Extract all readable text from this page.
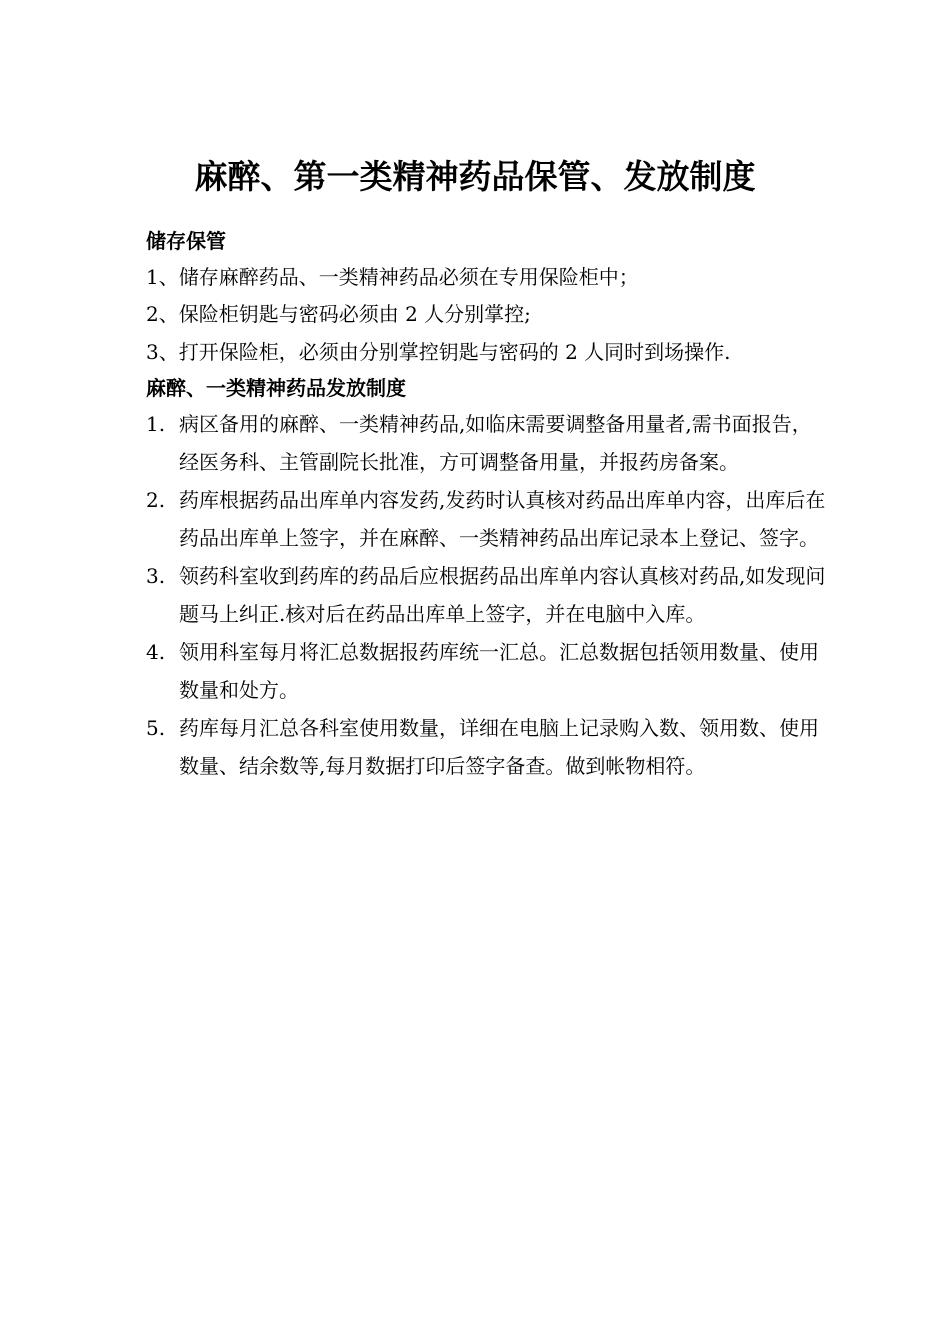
麻醉、第一类精神药品保管、发放制度
储存保管

1、储存麻醉药品、一类精神药品必须在专用保险柜中；

2、保险柜钥匙与密码必须由 2 人分别掌控;

3、打开保险柜，必须由分别掌控钥匙与密码的 2 人同时到场操作.

麻醉、一类精神药品发放制度
1. 病区备用的麻醉、一类精神药品,如临床需要调整备用量者,需书面报告，经医务科、主管副院长批准，方可调整备用量，并报药房备案。
2. 药库根据药品出库单内容发药,发药时认真核对药品出库单内容，出库后在药品出库单上签字，并在麻醉、一类精神药品出库记录本上登记、签字。
3. 领药科室收到药库的药品后应根据药品出库单内容认真核对药品,如发现问题马上纠正.核对后在药品出库单上签字，并在电脑中入库。
4. 领用科室每月将汇总数据报药库统一汇总。汇总数据包括领用数量、使用数量和处方。
5. 药库每月汇总各科室使用数量，详细在电脑上记录购入数、领用数、使用数量、结余数等,每月数据打印后签字备查。做到帐物相符。
